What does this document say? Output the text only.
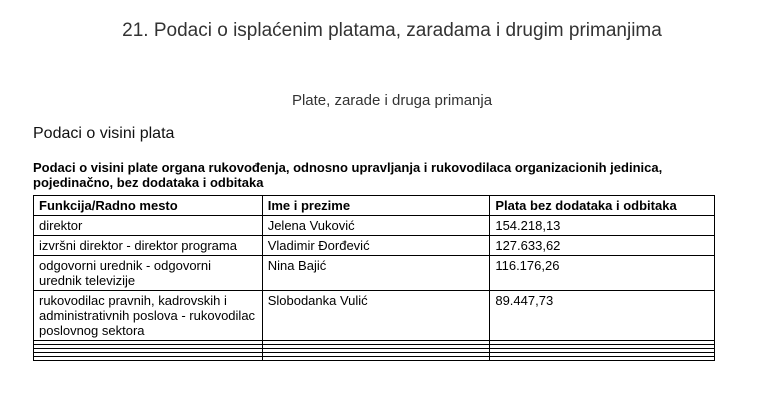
21. Podaci o isplaćenim platama, zaradama i drugim primanjima
Plate, zarade i druga primanja
Podaci o visini plata
Podaci o visini plate organa rukovođenja, odnosno upravljanja i rukovodilaca organizacionih jedinica, pojedinačno, bez dodataka i odbitaka
Funkcija/Radno mesto	Ime i prezime	Plata bez dodataka i odbitaka
direktor	Jelena Vuković	154.218,13
izvršni direktor - direktor programa	Vladimir Đorđević	127.633,62
odgovorni urednik - odgovorni urednik televizije	Nina Bajić	116.176,26
rukovodilac pravnih, kadrovskih i administrativnih poslova - rukovodilac poslovnog sektora	Slobodanka Vulić	89.447,73
